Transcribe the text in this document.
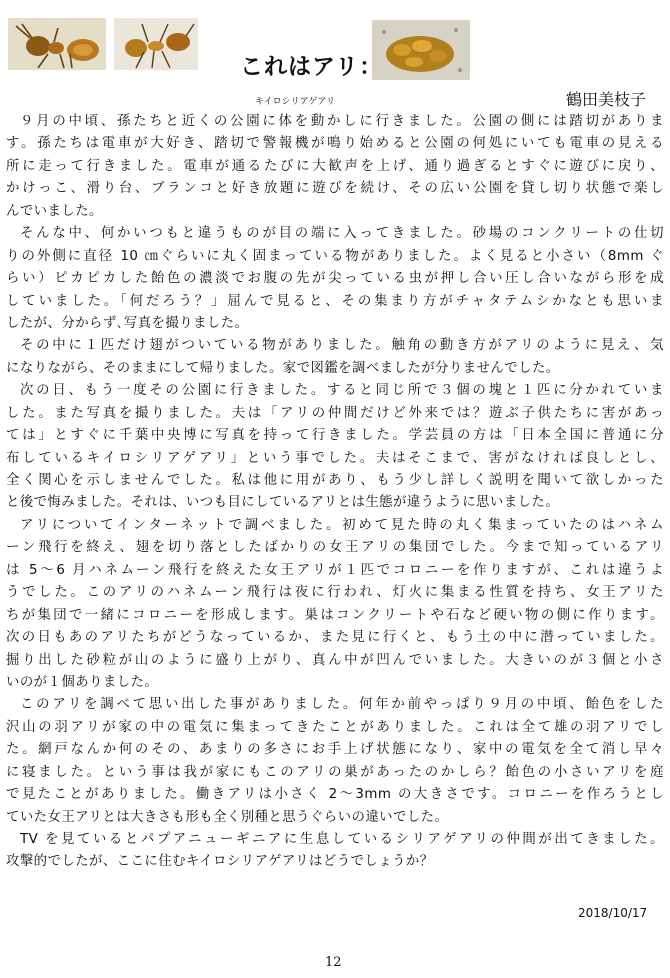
これはアリ：
キイロシリアゲアリ	鶴田美枝子
９月の中頃、孫たちと近くの公園に体を動かしに行きました。公園の側には踏切がありま
す。孫たちは電車が大好き、踏切で警報機が鳴り始めると公園の何処にいても電車の見える
所に走って行きました。電車が通るたびに大歓声を上げ、通り過ぎるとすぐに遊びに戻り、
かけっこ、滑り台、ブランコと好き放題に遊びを続け、その広い公園を貸し切り状態で楽し
んでいました。
そんな中、何かいつもと違うものが目の端に入ってきました。砂場のコンクリートの仕切
りの外側に直径 10 ㎝ぐらいに丸く固まっている物がありました。よく見ると小さい（8mm ぐ
らい）ピカピカした飴色の濃淡でお腹の先が尖っている虫が押し合い圧し合いながら形を成
していました。「何だろう？」屈んで見ると、その集まり方がチャタテムシかなとも思いま
したが、分からず､写真を撮りました。
その中に１匹だけ翅がついている物がありました。触角の動き方がアリのように見え、気
になりながら、そのままにして帰りました。家で図鑑を調べましたが分りませんでした。
次の日、もう一度その公園に行きました。すると同じ所で３個の塊と１匹に分かれていま
した。また写真を撮りました。夫は「アリの仲間だけど外来では？遊ぶ子供たちに害があっ
ては」とすぐに千葉中央博に写真を持って行きました。学芸員の方は「日本全国に普通に分
布しているキイロシリアゲアリ」という事でした。夫はそこまで、害がなければ良しとし、
全く関心を示しませんでした。私は他に用があり、もう少し詳しく説明を聞いて欲しかった
と後で悔みました。それは、いつも目にしているアリとは生態が違うように思いました。
アリについてインターネットで調べました。初めて見た時の丸く集まっていたのはハネム
ーン飛行を終え、翅を切り落としたばかりの女王アリの集団でした。今まで知っているアリ
は 5～6 月ハネムーン飛行を終えた女王アリが１匹でコロニーを作りますが、これは違うよ
うでした。このアリのハネムーン飛行は夜に行われ、灯火に集まる性質を持ち、女王アリた
ちが集団で一緒にコロニーを形成します。巣はコンクリートや石など硬い物の側に作ります。
次の日もあのアリたちがどうなっているか、また見に行くと、もう土の中に潜っていました。
掘り出した砂粒が山のように盛り上がり、真ん中が凹んでいました。大きいのが３個と小さ
いのが１個ありました。
このアリを調べて思い出した事がありました。何年か前やっぱり９月の中頃、飴色をした
沢山の羽アリが家の中の電気に集まってきたことがありました。これは全て雄の羽アリでし
た。網戸なんか何のその、あまりの多さにお手上げ状態になり、家中の電気を全て消し早々
に寝ました。という事は我が家にもこのアリの巣があったのかしら？飴色の小さいアリを庭
で見たことがありました。働きアリは小さく 2～3mm の大きさです。コロニーを作ろうとし
ていた女王アリとは大きさも形も全く別種と思うぐらいの違いでした。
TV を見ているとパプアニューギニアに生息しているシリアゲアリの仲間が出てきました。
攻撃的でしたが、ここに住むキイロシリアゲアリはどうでしょうか？
2018/10/17
12
